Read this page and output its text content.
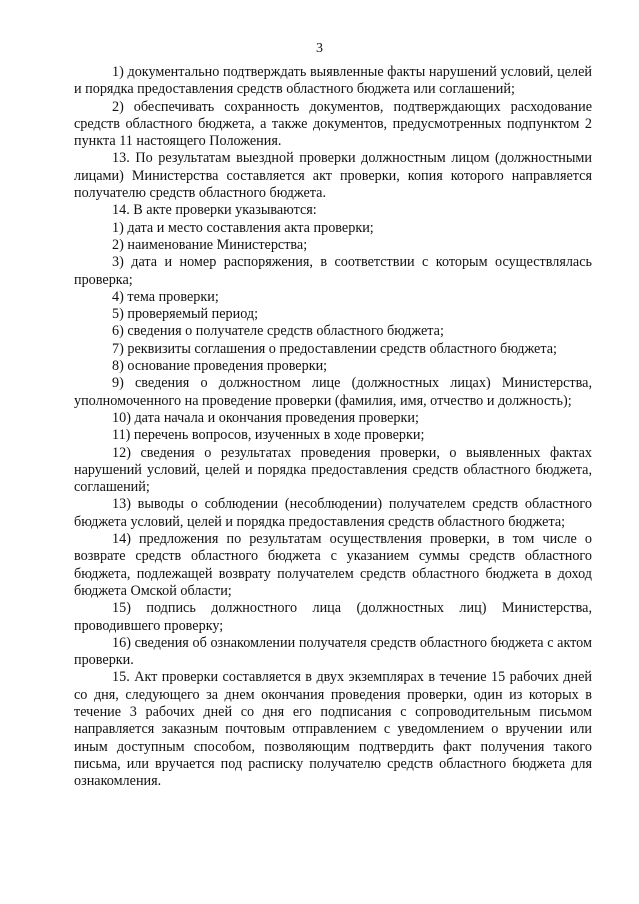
3

1) документально подтверждать выявленные факты нарушений условий, целей и порядка предоставления средств областного бюджета или соглашений;

2) обеспечивать сохранность документов, подтверждающих расходование средств областного бюджета, а также документов, предусмотренных подпунктом 2 пункта 11 настоящего Положения.

13. По результатам выездной проверки должностным лицом (должностными лицами) Министерства составляется акт проверки, копия которого направляется получателю средств областного бюджета.

14. В акте проверки указываются:

1) дата и место составления акта проверки;

2) наименование Министерства;

3) дата и номер распоряжения, в соответствии с которым осуществлялась проверка;

4) тема проверки;

5) проверяемый период;

6) сведения о получателе средств областного бюджета;

7) реквизиты соглашения о предоставлении средств областного бюджета;

8) основание проведения проверки;

9) сведения о должностном лице (должностных лицах) Министерства, уполномоченного на проведение проверки (фамилия, имя, отчество и должность);

10) дата начала и окончания проведения проверки;

11) перечень вопросов, изученных в ходе проверки;

12) сведения о результатах проведения проверки, о выявленных фактах нарушений условий, целей и порядка предоставления средств областного бюджета, соглашений;

13) выводы о соблюдении (несоблюдении) получателем средств областного бюджета условий, целей и порядка предоставления средств областного бюджета;

14) предложения по результатам осуществления проверки, в том числе о возврате средств областного бюджета с указанием суммы средств областного бюджета, подлежащей возврату получателем средств областного бюджета в доход бюджета Омской области;

15) подпись должностного лица (должностных лиц) Министерства, проводившего проверку;

16) сведения об ознакомлении получателя средств областного бюджета с актом проверки.

15. Акт проверки составляется в двух экземплярах в течение 15 рабочих дней со дня, следующего за днем окончания проведения проверки, один из которых в течение 3 рабочих дней со дня его подписания с сопроводительным письмом направляется заказным почтовым отправлением с уведомлением о вручении или иным доступным способом, позволяющим подтвердить факт получения такого письма, или вручается под расписку получателю средств областного бюджета для ознакомления.
